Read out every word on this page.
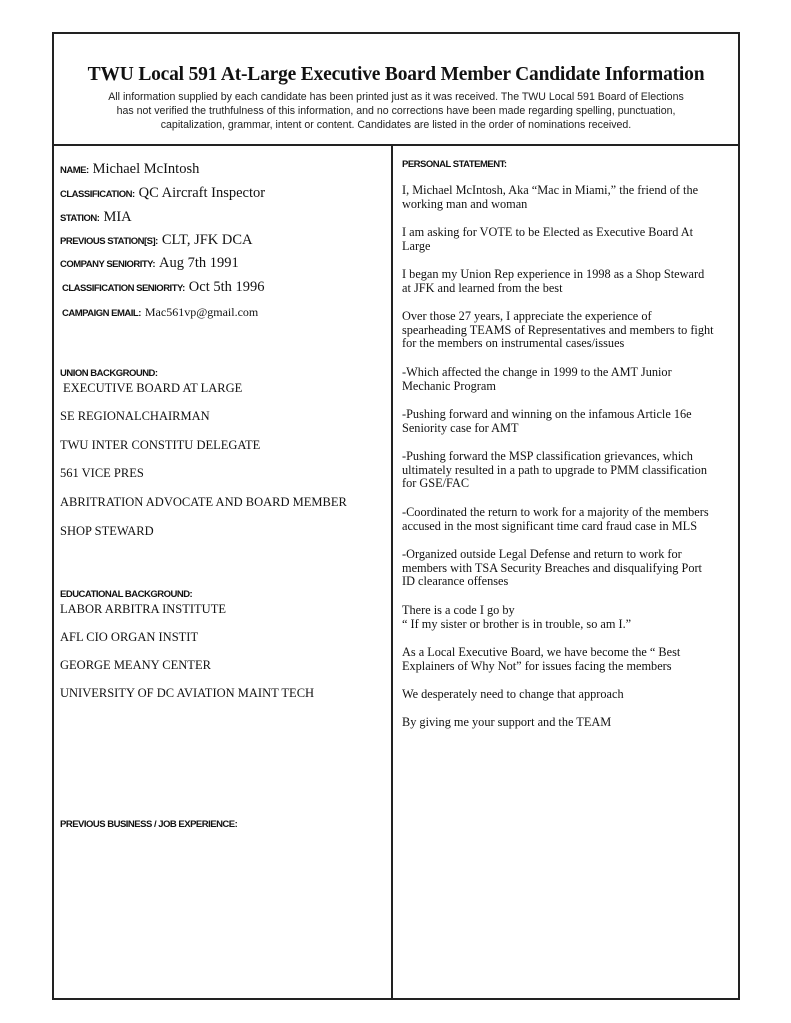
TWU Local 591 At-Large Executive Board Member Candidate Information
All information supplied by each candidate has been printed just as it was received. The TWU Local 591 Board of Elections
has not verified the truthfulness of this information, and no corrections have been made regarding spelling, punctuation,
capitalization, grammar, intent or content. Candidates are listed in the order of nominations received.
NAME: Michael McIntosh
CLASSIFICATION: QC Aircraft Inspector
STATION: MIA
PREVIOUS STATION[S]: CLT, JFK DCA
COMPANY SENIORITY: Aug 7th 1991
CLASSIFICATION SENIORITY: Oct 5th 1996
CAMPAIGN EMAIL: Mac561vp@gmail.com
UNION BACKGROUND:
EXECUTIVE BOARD AT LARGE
SE REGIONALCHAIRMAN
TWU INTER CONSTITU DELEGATE
561 VICE PRES
ABRITRATION ADVOCATE AND BOARD MEMBER
SHOP STEWARD
EDUCATIONAL BACKGROUND:
LABOR ARBITRA INSTITUTE
AFL CIO ORGAN INSTIT
GEORGE MEANY CENTER
UNIVERSITY OF DC AVIATION MAINT TECH
PREVIOUS BUSINESS / JOB EXPERIENCE:
PERSONAL STATEMENT:
I, Michael McIntosh, Aka “Mac in Miami,” the friend of the
working man and woman
I am asking for VOTE to be Elected as Executive Board At
Large
I began my Union Rep experience in 1998 as a Shop Steward
at JFK and learned from the best
Over those 27 years, I appreciate the experience of
spearheading TEAMS of Representatives and members to fight
for the members on instrumental cases/issues
-Which affected the change in 1999 to the AMT Junior
Mechanic Program
-Pushing forward and winning on the infamous Article 16e
Seniority case for AMT
-Pushing forward the MSP classification grievances, which
ultimately resulted in a path to upgrade to PMM classification
for GSE/FAC
-Coordinated the return to work for a majority of the members
accused in the most significant time card fraud case in MLS
-Organized outside Legal Defense and return to work for
members with TSA Security Breaches and disqualifying Port
ID clearance offenses
There is a code I go by
“ If my sister or brother is in trouble, so am I.”
As a Local Executive Board, we have become the “ Best
Explainers of Why Not” for issues facing the members
We desperately need to change that approach
By giving me your support and the TEAM
